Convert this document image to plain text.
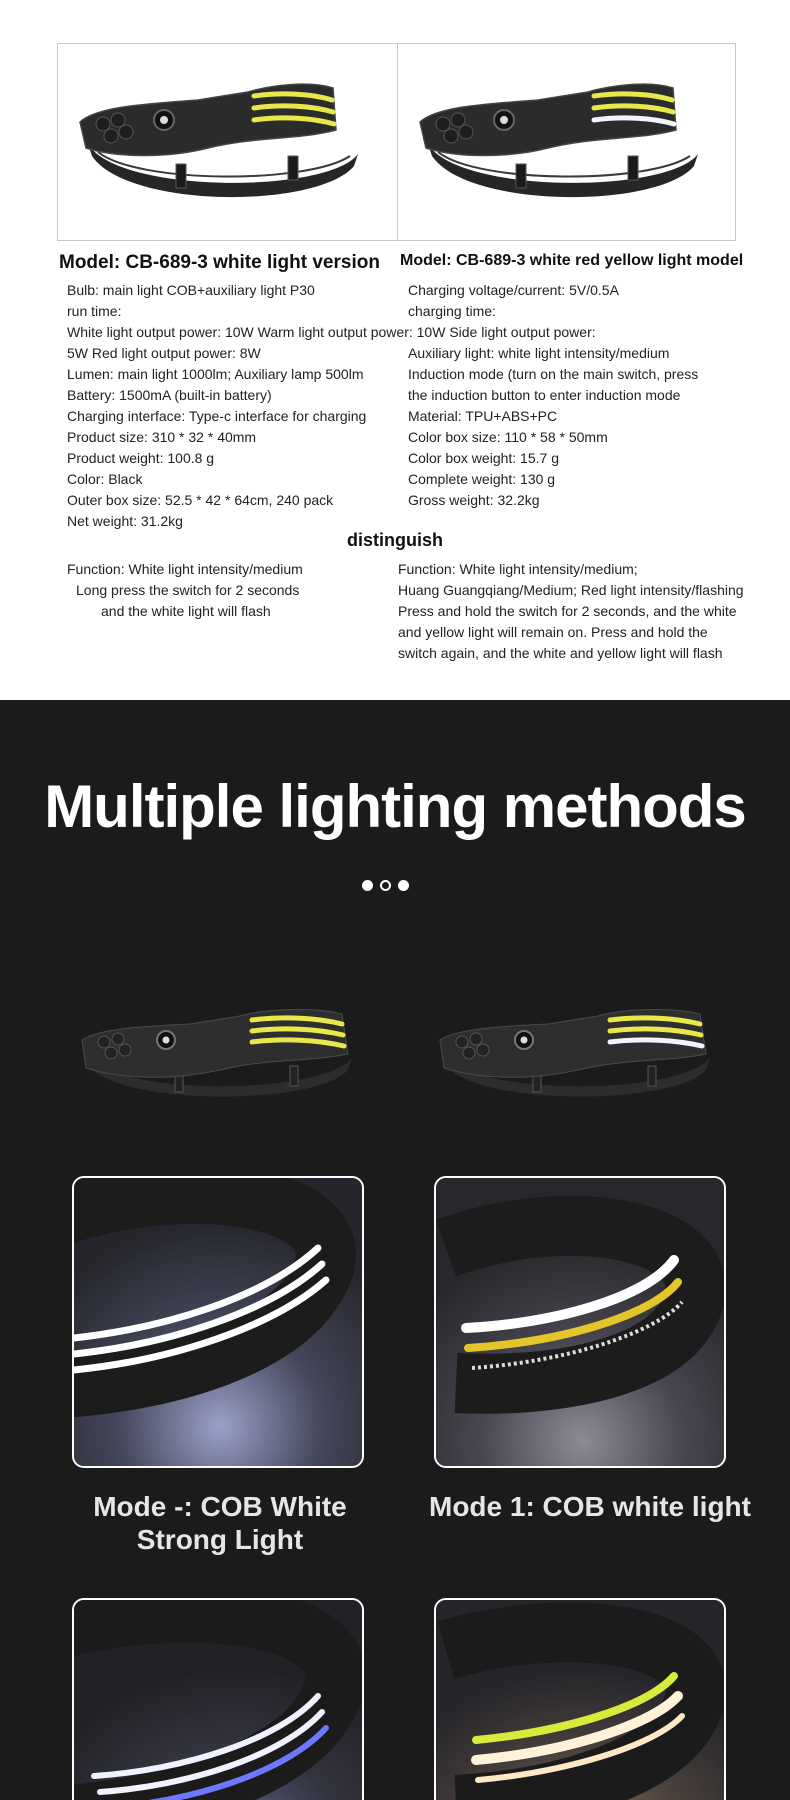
Model: CB-689-3 white light version Model: CB-689-3 white red yellow light model
Bulb: main light COB+auxiliary light P30
run time:
White light output power: 10W Warm light output power: 10W Side light output power:
5W Red light output power: 8W
Lumen: main light 1000lm; Auxiliary lamp 500lm
Battery: 1500mA (built-in battery)
Charging interface: Type-c interface for charging
Product size: 310 * 32 * 40mm
Product weight: 100.8 g
Color: Black
Outer box size: 52.5 * 42 * 64cm, 240 pack
Net weight: 31.2kg
Charging voltage/current: 5V/0.5A
charging time:
Auxiliary light: white light intensity/medium
Induction mode (turn on the main switch, press
the induction button to enter induction mode
Material: TPU+ABS+PC
Color box size: 110 * 58 * 50mm
Color box weight: 15.7 g
Complete weight: 130 g
Gross weight: 32.2kg
distinguish
Function: White light intensity/medium
Long press the switch for 2 seconds
and the white light will flash
Function: White light intensity/medium;
Huang Guangqiang/Medium; Red light intensity/flashing
Press and hold the switch for 2 seconds, and the white
and yellow light will remain on. Press and hold the
switch again, and the white and yellow light will flash
Multiple lighting methods
Mode -: COB White Strong Light
Mode 1: COB white light
